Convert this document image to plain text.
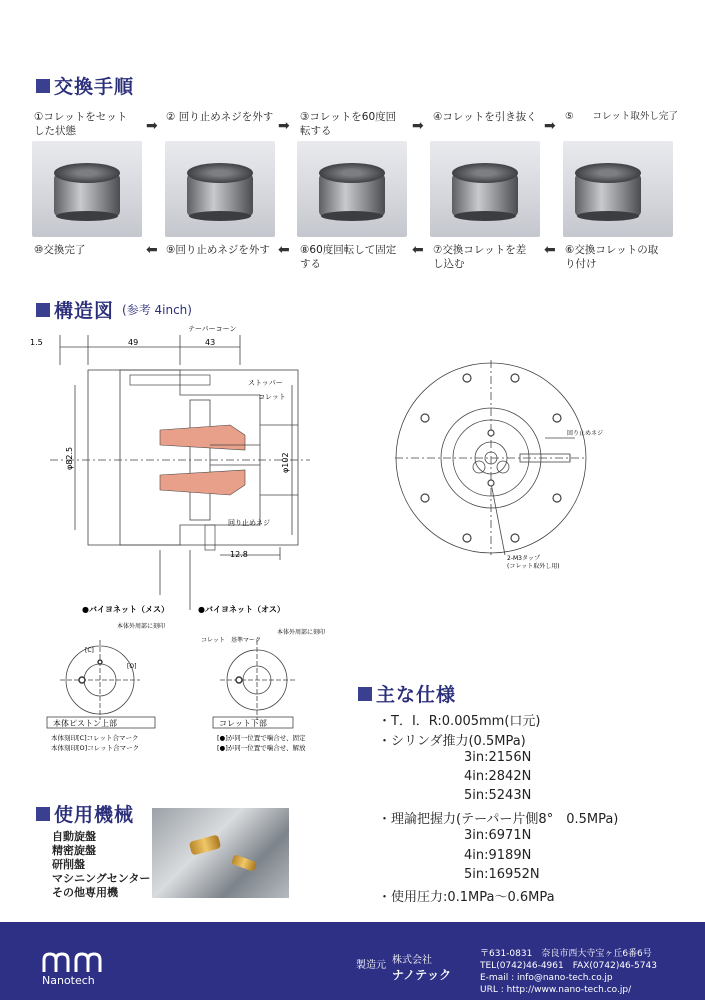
交換手順
①コレットをセット　した状態
② 回り止めネジを外す	③コレットを60度回　転する
④コレットを引き抜く	⑤　　コレット取外し完了
➡	➡	➡	➡
⑩交換完了	⑨回り止めネジを外す	⑧60度回転して固定　する
⑦交換コレットを差　し込む
⑥交換コレットの取　り付け
⬅	⬅	⬅	⬅
構造図 (参考 4inch)
1.5	49	43
12.8
φ82.5	φ102
テーパーコーン
ストッパー
コレット
回り止めネジ
●バイヨネット（メス）	●バイヨネット（オス）
回り止めネジ
2-M3タップ
(コレット取外し用)
本体外周部に刻印
本体外周部に刻印
コレット　基準マーク
[C]
[O]
本体ピストン上部
本体刻印[C]コレット合マーク
本体刻印[O]コレット合マーク
コレット下部
[●]が同一位置で噛合せ、固定
[●]が同一位置で噛合せ、解放
主な仕様
・T．I．R:0.005mm(口元)
・シリンダ推力(0.5MPa)
3in:2156N
4in:2842N
5in:5243N
・理論把握力(テーパー片側8°　0.5MPa)
3in:6971N
4in:9189N
5in:16952N
・使用圧力:0.1MPa～0.6MPa
使用機械
自動旋盤
精密旋盤
研削盤
マシニングセンター
その他専用機
Nanotech
製造元 株式会社
ナノテック
〒631-0831　奈良市西大寺宝ヶ丘6番6号
TEL(0742)46-4961　FAX(0742)46-5743
E-mail : info@nano-tech.co.jp
URL : http://www.nano-tech.co.jp/
